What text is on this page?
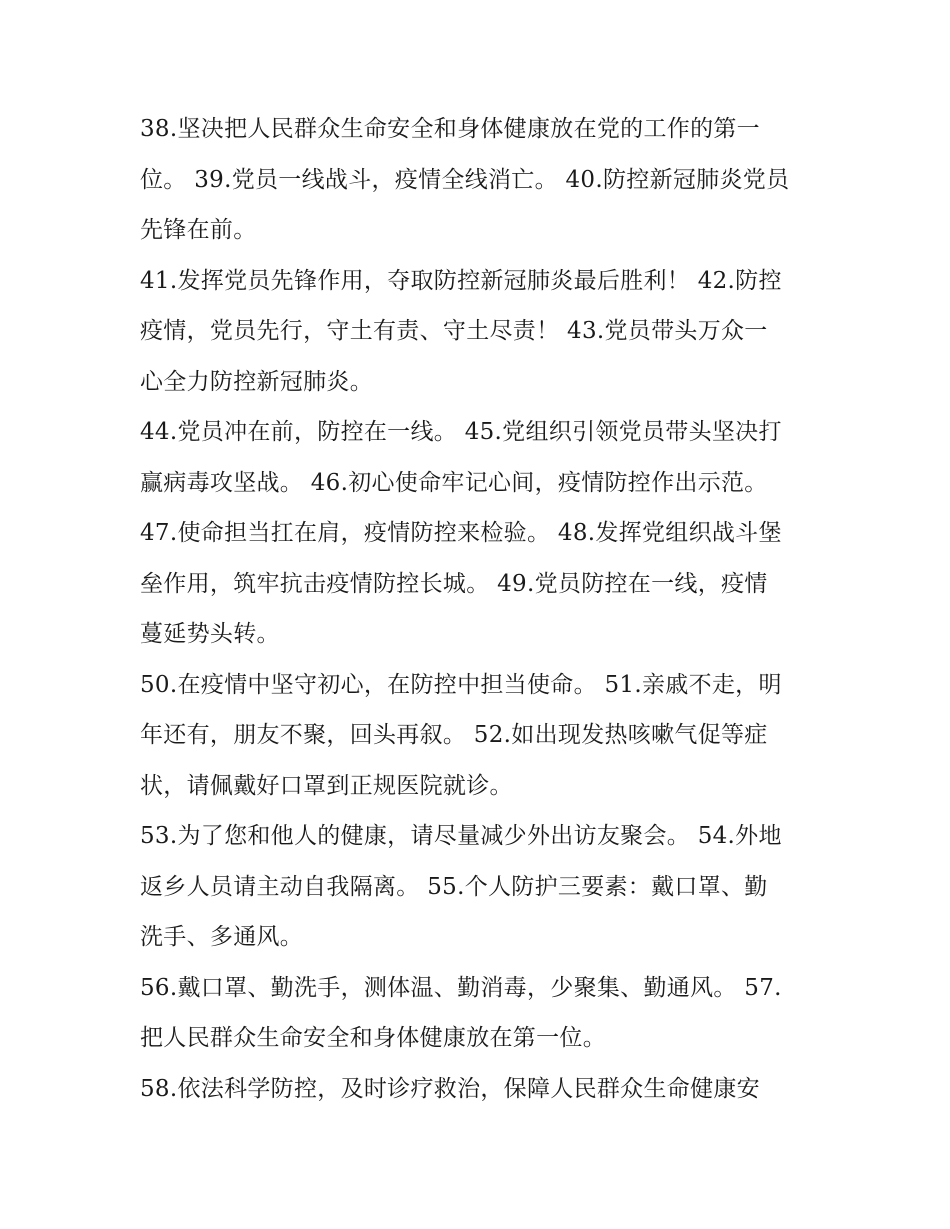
38.坚决把人民群众生命安全和身体健康放在党的工作的第一
位。 39.党员一线战斗，疫情全线消亡。 40.防控新冠肺炎党员
先锋在前。

41.发挥党员先锋作用，夺取防控新冠肺炎最后胜利！ 42.防控
疫情，党员先行，守土有责、守土尽责！ 43.党员带头万众一
心全力防控新冠肺炎。

44.党员冲在前，防控在一线。 45.党组织引领党员带头坚决打
赢病毒攻坚战。 46.初心使命牢记心间，疫情防控作出示范。

47.使命担当扛在肩，疫情防控来检验。 48.发挥党组织战斗堡
垒作用，筑牢抗击疫情防控长城。 49.党员防控在一线，疫情
蔓延势头转。

50.在疫情中坚守初心，在防控中担当使命。 51.亲戚不走，明
年还有，朋友不聚，回头再叙。 52.如出现发热咳嗽气促等症
状，请佩戴好口罩到正规医院就诊。

53.为了您和他人的健康，请尽量减少外出访友聚会。 54.外地
返乡人员请主动自我隔离。 55.个人防护三要素：戴口罩、勤
洗手、多通风。

56.戴口罩、勤洗手，测体温、勤消毒，少聚集、勤通风。 57.
把人民群众生命安全和身体健康放在第一位。

58.依法科学防控，及时诊疗救治，保障人民群众生命健康安
